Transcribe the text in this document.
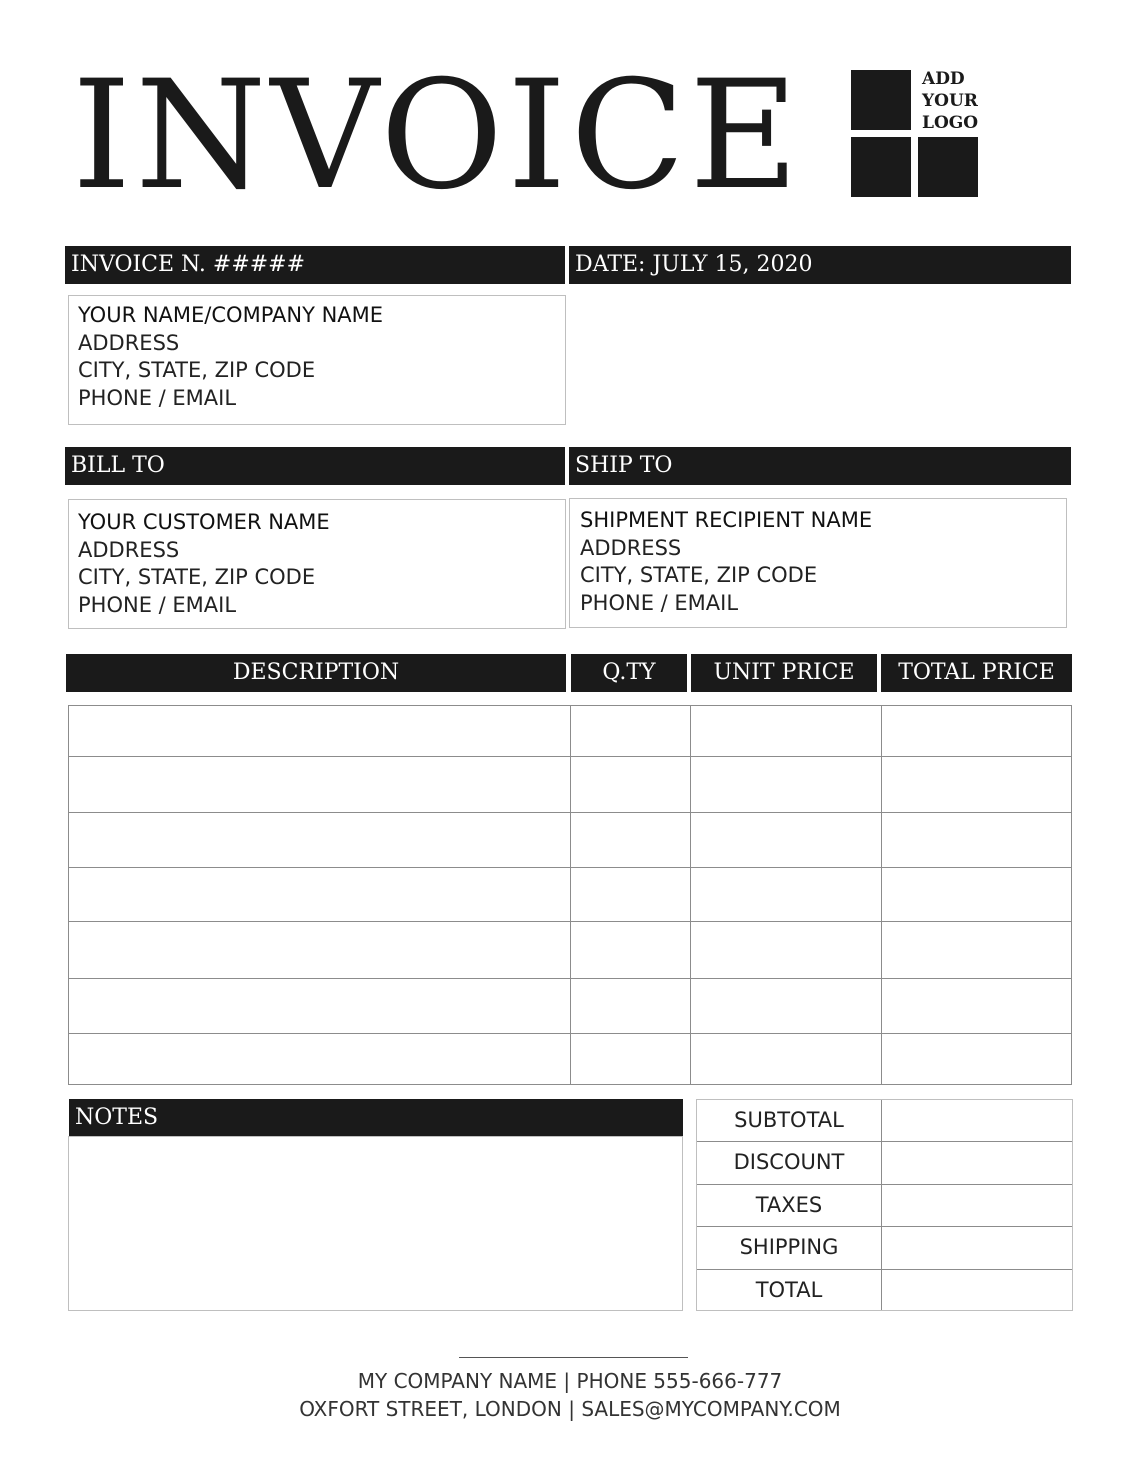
INVOICE	ADD
YOUR
LOGO
INVOICE N. #####	DATE: JULY 15, 2020
YOUR NAME/COMPANY NAME
ADDRESS
CITY, STATE, ZIP CODE
PHONE / EMAIL
BILL TO	SHIP TO
YOUR CUSTOMER NAME
ADDRESS
CITY, STATE, ZIP CODE
PHONE / EMAIL
SHIPMENT RECIPIENT NAME
ADDRESS
CITY, STATE, ZIP CODE
PHONE / EMAIL
DESCRIPTION	Q.TY	UNIT PRICE	TOTAL PRICE

NOTES	SUBTOTAL
DISCOUNT
TAXES
SHIPPING
TOTAL
MY COMPANY NAME | PHONE 555-666-777
OXFORT STREET, LONDON | SALES@MYCOMPANY.COM
